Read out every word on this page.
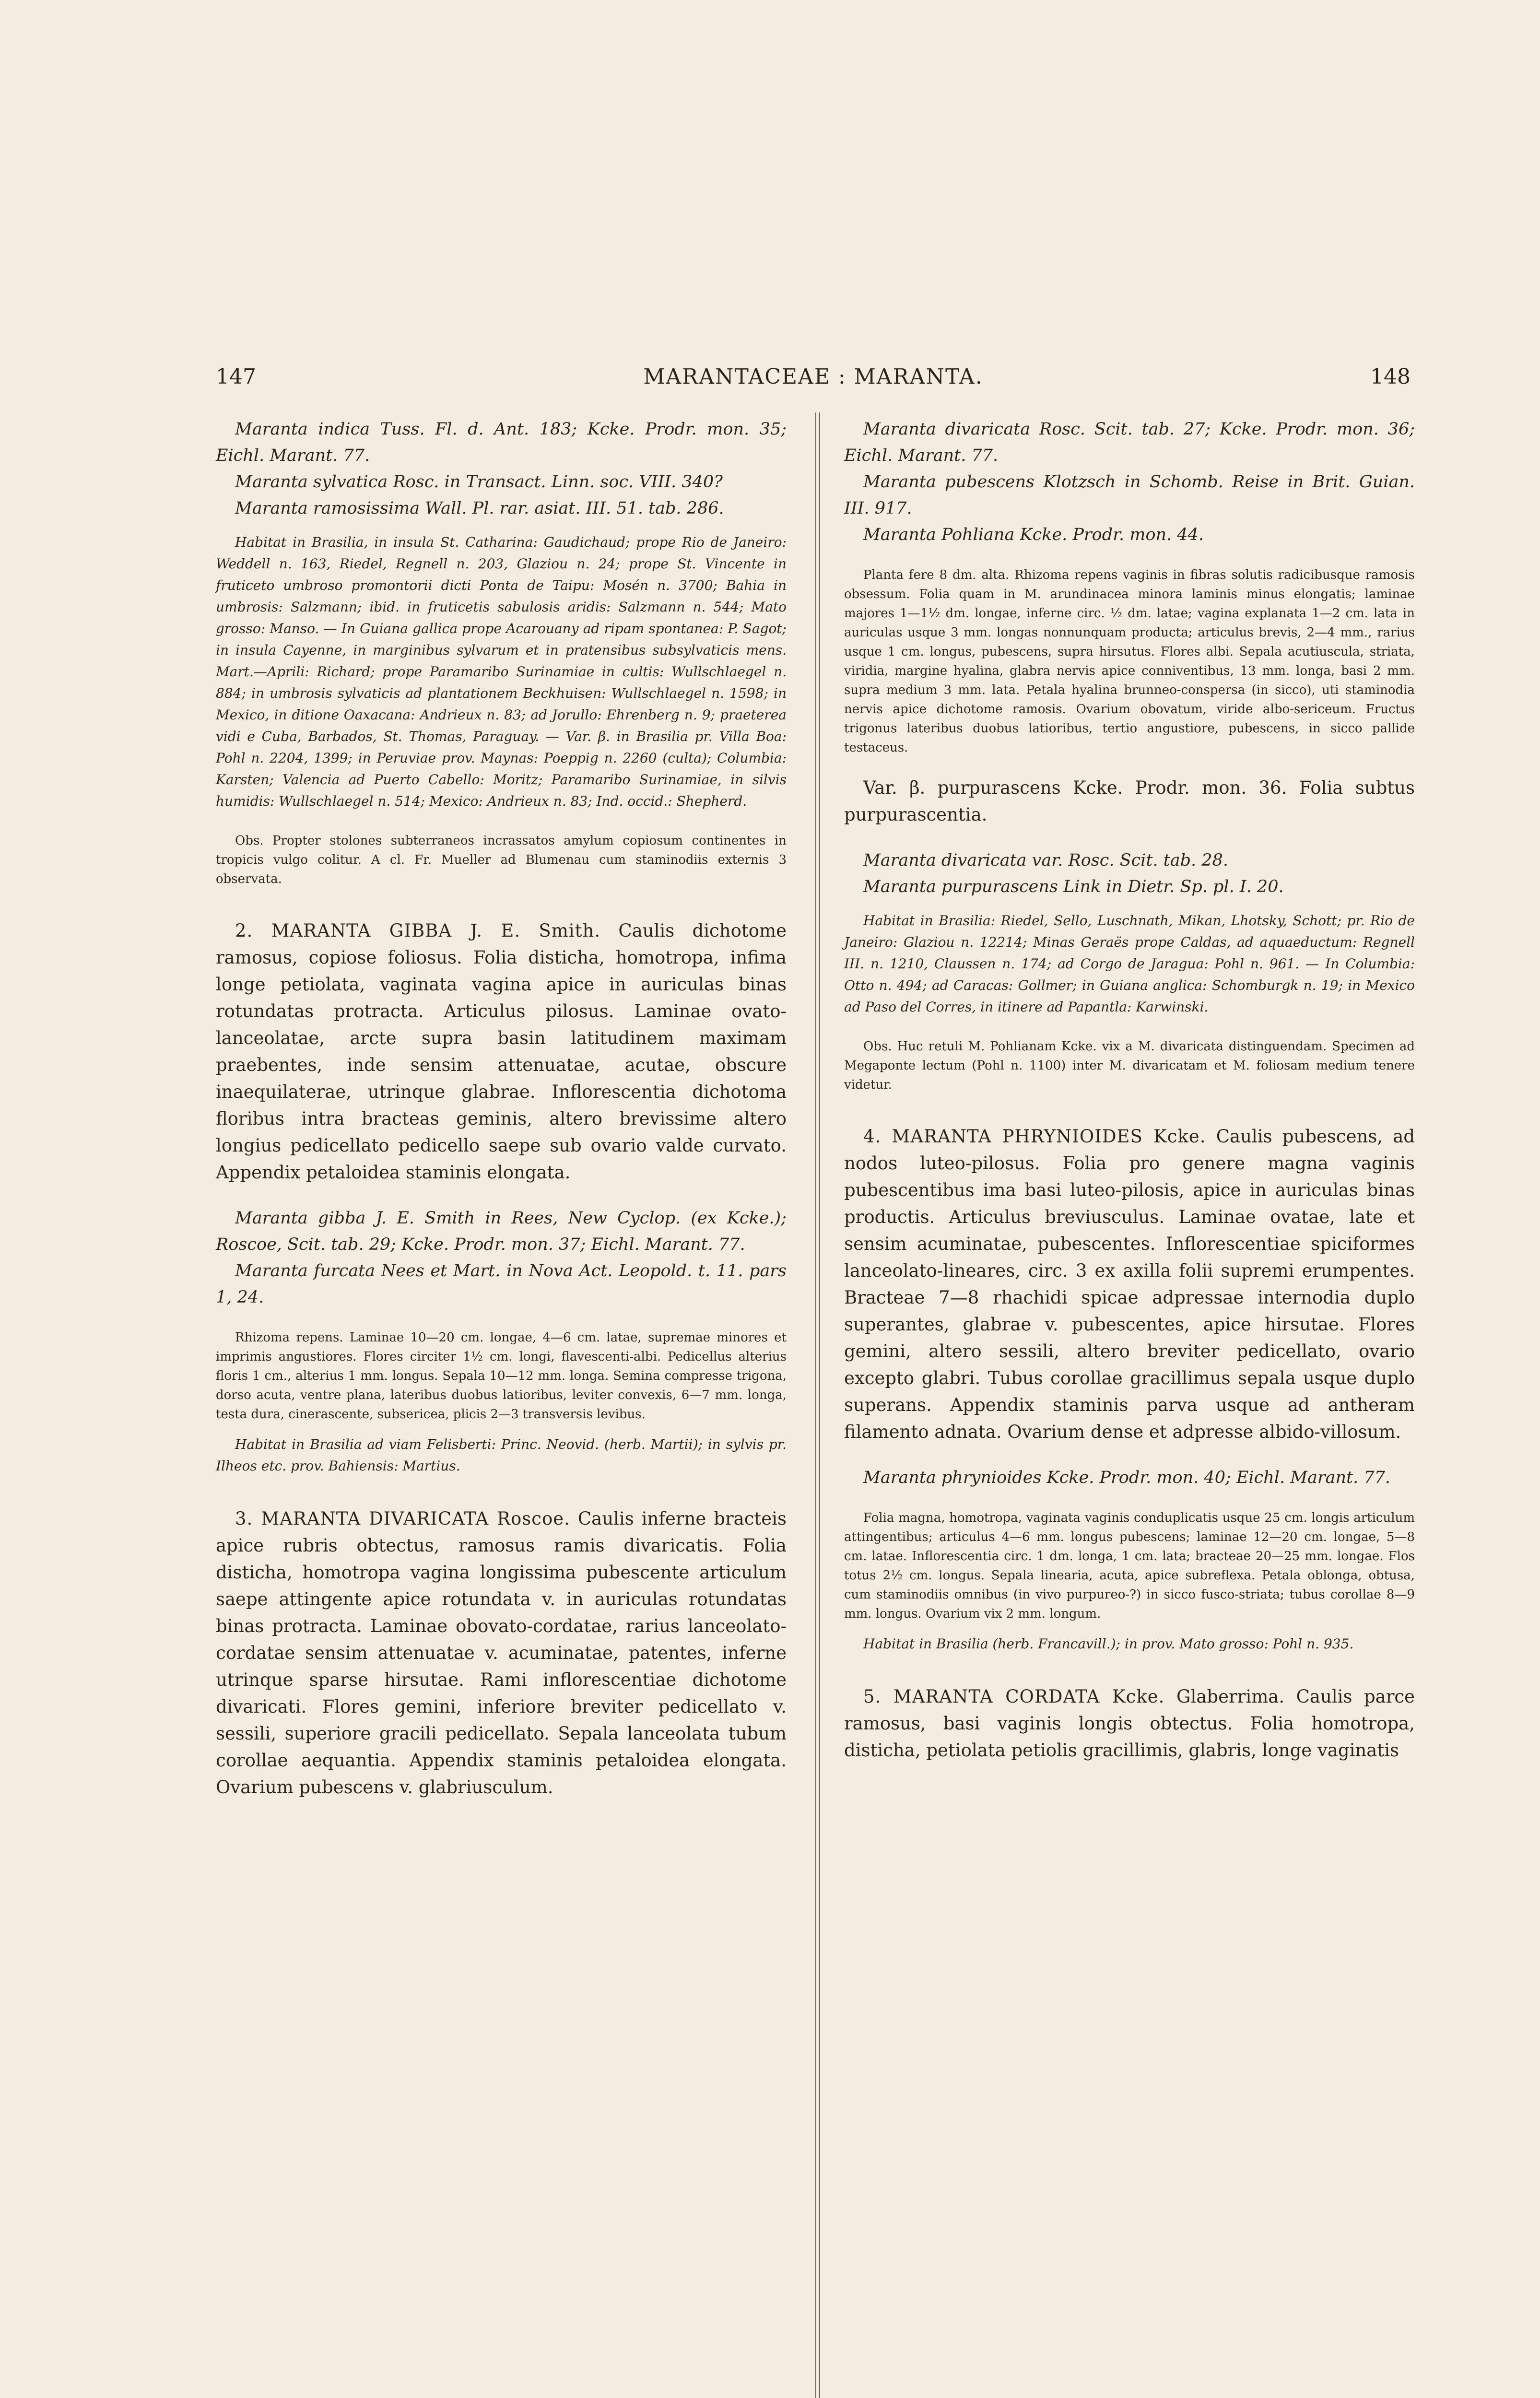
147	MARANTACEAE : MARANTA.	148

Maranta indica Tuss. Fl. d. Ant. 183; Kcke. Prodr. mon. 35; Eichl. Marant. 77.

Maranta sylvatica Rosc. in Transact. Linn. soc. VIII. 340?

Maranta ramosissima Wall. Pl. rar. asiat. III. 51. tab. 286.

Habitat in Brasilia, in insula St. Catharina: Gaudichaud; prope Rio de Janeiro: Weddell n. 163, Riedel, Regnell n. 203, Glaziou n. 24; prope St. Vincente in fruticeto umbroso promontorii dicti Ponta de Taipu: Mosén n. 3700; Bahia in umbrosis: Salzmann; ibid. in fruticetis sabulosis aridis: Salzmann n. 544; Mato grosso: Manso. — In Guiana gallica prope Acarouany ad ripam spontanea: P. Sagot; in insula Cayenne, in marginibus sylvarum et in pratensibus subsylvaticis mens. Mart.—Aprili: Richard; prope Paramaribo Surinamiae in cultis: Wullschlaegel n. 884; in umbrosis sylvaticis ad plantationem Beckhuisen: Wullschlaegel n. 1598; in Mexico, in ditione Oaxacana: Andrieux n. 83; ad Jorullo: Ehrenberg n. 9; praeterea vidi e Cuba, Barbados, St. Thomas, Paraguay. — Var. β. in Brasilia pr. Villa Boa: Pohl n. 2204, 1399; in Peruviae prov. Maynas: Poeppig n. 2260 (culta); Columbia: Karsten; Valencia ad Puerto Cabello: Moritz; Paramaribo Surinamiae, in silvis humidis: Wullschlaegel n. 514; Mexico: Andrieux n. 83; Ind. occid.: Shepherd.

Obs. Propter stolones subterraneos incrassatos amylum copiosum continentes in tropicis vulgo colitur. A cl. Fr. Mueller ad Blumenau cum staminodiis externis 3 observata.

2. MARANTA GIBBA J. E. Smith. Caulis dichotome ramosus, copiose foliosus. Folia disticha, homotropa, infima longe petiolata, vaginata vagina apice in auriculas binas rotundatas protracta. Articulus pilosus. Laminae ovato-lanceolatae, arcte supra basin latitudinem maximam praebentes, inde sensim attenuatae, acutae, obscure inaequilaterae, utrinque glabrae. Inflorescentia dichotoma floribus intra bracteas geminis, altero brevissime altero longius pedicellato pedicello saepe sub ovario valde curvato. Appendix petaloidea staminis elongata.

Maranta gibba J. E. Smith in Rees, New Cyclop. (ex Kcke.); Roscoe, Scit. tab. 29; Kcke. Prodr. mon. 37; Eichl. Marant. 77.

Maranta furcata Nees et Mart. in Nova Act. Leopold. t. 11. pars 1, 24.

Rhizoma repens. Laminae 10—20 cm. longae, 4—6 cm. latae, supremae minores et imprimis angustiores. Flores circiter 1½ cm. longi, flavescenti-albi. Pedicellus alterius floris 1 cm., alterius 1 mm. longus. Sepala 10—12 mm. longa. Semina compresse trigona, dorso acuta, ventre plana, lateribus duobus latioribus, leviter convexis, 6—7 mm. longa, testa dura, cinerascente, subsericea, plicis 2—3 transversis levibus.

Habitat in Brasilia ad viam Felisberti: Princ. Neovid. (herb. Martii); in sylvis pr. Ilheos etc. prov. Bahiensis: Martius.

3. MARANTA DIVARICATA Roscoe. Caulis inferne bracteis apice rubris obtectus, ramosus ramis divaricatis. Folia disticha, homotropa vagina longissima pubescente articulum saepe attingente apice rotundata v. in auriculas rotundatas binas protracta. Laminae obovato-cordatae, rarius lanceolato-cordatae sensim attenuatae v. acuminatae, patentes, inferne utrinque sparse hirsutae. Rami inflorescentiae dichotome divaricati. Flores gemini, inferiore breviter pedicellato v. sessili, superiore gracili pedicellato. Sepala lanceolata tubum corollae aequantia. Appendix staminis petaloidea elongata. Ovarium pubescens v. glabriusculum.

Maranta divaricata Rosc. Scit. tab. 27; Kcke. Prodr. mon. 36; Eichl. Marant. 77.

Maranta pubescens Klotzsch in Schomb. Reise in Brit. Guian. III. 917.

Maranta Pohliana Kcke. Prodr. mon. 44.

Planta fere 8 dm. alta. Rhizoma repens vaginis in fibras solutis radicibusque ramosis obsessum. Folia quam in M. arundinacea minora laminis minus elongatis; laminae majores 1—1½ dm. longae, inferne circ. ½ dm. latae; vagina explanata 1—2 cm. lata in auriculas usque 3 mm. longas nonnunquam producta; articulus brevis, 2—4 mm., rarius usque 1 cm. longus, pubescens, supra hirsutus. Flores albi. Sepala acutiuscula, striata, viridia, margine hyalina, glabra nervis apice conniventibus, 13 mm. longa, basi 2 mm. supra medium 3 mm. lata. Petala hyalina brunneo-conspersa (in sicco), uti staminodia nervis apice dichotome ramosis. Ovarium obovatum, viride albo-sericeum. Fructus trigonus lateribus duobus latioribus, tertio angustiore, pubescens, in sicco pallide testaceus.

Var. β. purpurascens Kcke. Prodr. mon. 36. Folia subtus purpurascentia.

Maranta divaricata var. Rosc. Scit. tab. 28.

Maranta purpurascens Link in Dietr. Sp. pl. I. 20.

Habitat in Brasilia: Riedel, Sello, Luschnath, Mikan, Lhotsky, Schott; pr. Rio de Janeiro: Glaziou n. 12214; Minas Geraës prope Caldas, ad aquaeductum: Regnell III. n. 1210, Claussen n. 174; ad Corgo de Jaragua: Pohl n. 961. — In Columbia: Otto n. 494; ad Caracas: Gollmer; in Guiana anglica: Schomburgk n. 19; in Mexico ad Paso del Corres, in itinere ad Papantla: Karwinski.

Obs. Huc retuli M. Pohlianam Kcke. vix a M. divaricata distinguendam. Specimen ad Megaponte lectum (Pohl n. 1100) inter M. divaricatam et M. foliosam medium tenere videtur.

4. MARANTA PHRYNIOIDES Kcke. Caulis pubescens, ad nodos luteo-pilosus. Folia pro genere magna vaginis pubescentibus ima basi luteo-pilosis, apice in auriculas binas productis. Articulus breviusculus. Laminae ovatae, late et sensim acuminatae, pubescentes. Inflorescentiae spiciformes lanceolato-lineares, circ. 3 ex axilla folii supremi erumpentes. Bracteae 7—8 rhachidi spicae adpressae internodia duplo superantes, glabrae v. pubescentes, apice hirsutae. Flores gemini, altero sessili, altero breviter pedicellato, ovario excepto glabri. Tubus corollae gracillimus sepala usque duplo superans. Appendix staminis parva usque ad antheram filamento adnata. Ovarium dense et adpresse albido-villosum.

Maranta phrynioides Kcke. Prodr. mon. 40; Eichl. Marant. 77.

Folia magna, homotropa, vaginata vaginis conduplicatis usque 25 cm. longis articulum attingentibus; articulus 4—6 mm. longus pubescens; laminae 12—20 cm. longae, 5—8 cm. latae. Inflorescentia circ. 1 dm. longa, 1 cm. lata; bracteae 20—25 mm. longae. Flos totus 2½ cm. longus. Sepala linearia, acuta, apice subreflexa. Petala oblonga, obtusa, cum staminodiis omnibus (in vivo purpureo-?) in sicco fusco-striata; tubus corollae 8—9 mm. longus. Ovarium vix 2 mm. longum.

Habitat in Brasilia (herb. Francavill.); in prov. Mato grosso: Pohl n. 935.

5. MARANTA CORDATA Kcke. Glaberrima. Caulis parce ramosus, basi vaginis longis obtectus. Folia homotropa, disticha, petiolata petiolis gracillimis, glabris, longe vaginatis
